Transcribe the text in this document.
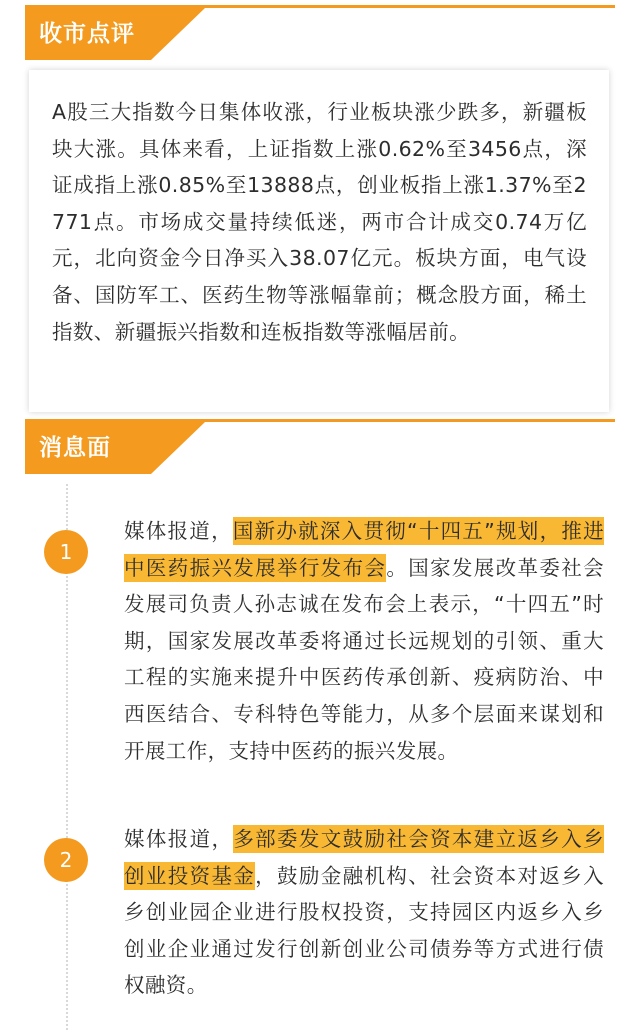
收市点评

A股三大指数今日集体收涨，行业板块涨少跌多，新疆板块大涨。具体来看，上证指数上涨0.62%至3456点，深证成指上涨0.85%至13888点，创业板指上涨1.37%至2771点。市场成交量持续低迷，两市合计成交0.74万亿元，北向资金今日净买入38.07亿元。板块方面，电气设备、国防军工、医药生物等涨幅靠前；概念股方面，稀土指数、新疆振兴指数和连板指数等涨幅居前。

消息面
1

媒体报道，国新办就深入贯彻“十四五”规划，推进中医药振兴发展举行发布会。国家发展改革委社会发展司负责人孙志诚在发布会上表示，“十四五”时期，国家发展改革委将通过长远规划的引领、重大工程的实施来提升中医药传承创新、疫病防治、中西医结合、专科特色等能力，从多个层面来谋划和开展工作，支持中医药的振兴发展。

2

媒体报道，多部委发文鼓励社会资本建立返乡入乡创业投资基金，鼓励金融机构、社会资本对返乡入乡创业园企业进行股权投资，支持园区内返乡入乡创业企业通过发行创新创业公司债券等方式进行债权融资。
